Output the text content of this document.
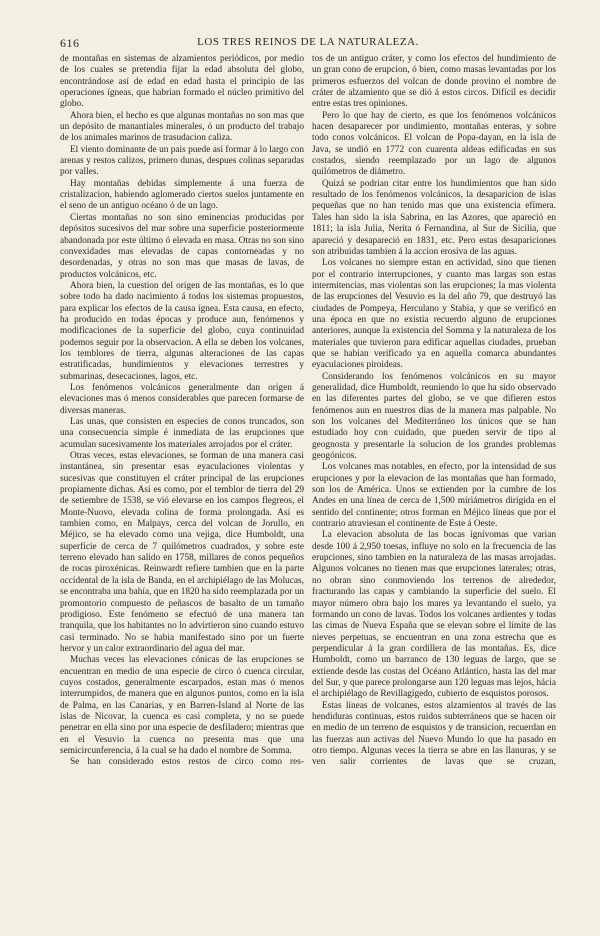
616	LOS TRES REINOS DE LA NATURALEZA.

de montañas en sistemas de alzamientos periódicos, por medio de los cuales se pretendia fijar la edad absoluta del globo, encontrándose así de edad en edad hasta el principio de las operaciones ígneas, que habrian formado el núcleo primitivo del globo.

Ahora bien, el hecho es que algunas montañas no son mas que un depósito de manantiales minerales, ó un producto del trabajo de los animales marinos de trasudacion caliza.

El viento dominante de un pais puede así formar á lo largo con arenas y restos calizos, primero dunas, despues colinas separadas por valles.

Hay montañas debidas simplemente á una fuerza de cristalizacion, habiendo aglomerado ciertos suelos juntamente en el seno de un antiguo océano ó de un lago.

Ciertas montañas no son sino eminencias producidas por depósitos sucesivos del mar sobre una superficie posteriormente abandonada por este último ó elevada en masa. Otras no son sino convexidades mas elevadas de capas contorneadas y no desordenadas, y otras no son mas que masas de lavas, de productos volcánicos, etc.

Ahora bien, la cuestion del origen de las montañas, es lo que sobre todo ha dado nacimiento á todos los sistemas propuestos, para explicar los efectos de la causa ígnea. Esta causa, en efecto, ha producido en todas épocas y produce aun, fenómenos y modificaciones de la superficie del globo, cuya continuidad podemos seguir por la observacion. A ella se deben los volcanes, los temblores de tierra, algunas alteraciones de las capas estratificadas, hundimientos y elevaciones terrestres y submarinas, desecaciones, lagos, etc.

Los fenómenos volcánicos generalmente dan origen á elevaciones mas ó menos considerables que parecen formarse de diversas maneras.

Las unas, que consisten en especies de conos truncados, son una consecuencia simple é inmediata de las erupciones que acumulan sucesivamente los materiales arrojados por el cráter.

Otras veces, estas elevaciones, se forman de una manera casi instantánea, sin presentar esas eyaculaciones violentas y sucesivas que constituyen el cráter principal de las erupciones propiamente dichas. Así es como, por el temblor de tierra del 29 de setiembre de 1538, se vió elevarse en los campos flegreos, el Monte-Nuovo, elevada colina de forma prolongada. Así es tambien como, en Malpays, cerca del volcan de Jorullo, en Méjico, se ha elevado como una vejiga, dice Humboldt, una superficie de cerca de 7 quilómetros cuadrados, y sobre este terreno elevado han salido en 1758, millares de conos pequeños de rocas piroxénicas. Reinwardt refiere tambien que en la parte occidental de la isla de Banda, en el archipiélago de las Molucas, se encontraba una bahía, que en 1820 ha sido reemplazada por un promontorio compuesto de peñascos de basalto de un tamaño prodigioso. Este fenómeno se efectuó de una manera tan tranquila, que los habitantes no lo advirtieron sino cuando estuvo casi terminado. No se habia manifestado sino por un fuerte hervor y un calor extraordinario del agua del mar.

Muchas veces las elevaciones cónicas de las erupciones se encuentran en medio de una especie de circo ó cuenca circular, cuyos costados, generalmente escarpados, estan mas ó menos interrumpidos, de manera que en algunos puntos, como en la isla de Palma, en las Canarias, y en Barren-Island al Norte de las islas de Nicovar, la cuenca es casi completa, y no se puede penetrar en ella sino por una especie de desfiladero; mientras que en el Vesuvio la cuenca no presenta mas que una semicircunferencia, á la cual se ha dado el nombre de Somma.

Se han considerado estos restos de circo como res-

tos de un antiguo cráter, y como los efectos del hundimiento de un gran cono de erupcion, ó bien, como masas levantadas por los primeros esfuerzos del volcan de donde provino el nombre de cráter de alzamiento que se dió á estos circos. Difícil es decidir entre estas tres opiniones.

Pero lo que hay de cierto, es que los fenómenos volcánicos hacen desaparecer por undimiento, montañas enteras, y sobre todo conos volcánicos. El volcan de Popa-dayan, en la isla de Java, se undió en 1772 con cuarenta aldeas edificadas en sus costados, siendo reemplazado por un lago de algunos quilómetros de diámetro.

Quizá se podrian citar entre los hundimientos que han sido resultado de los fenómenos volcánicos, la desaparicion de islas pequeñas que no han tenido mas que una existencia efímera. Tales han sido la isla Sabrina, en las Azores, que apareció en 1811; la isla Julia, Nerita ó Fernandina, al Sur de Sicilia, que apareció y desapareció en 1831, etc. Pero estas desapariciones son atribuidas tambien á la accion erosiva de las aguas.

Los volcanes no siempre estan en actividad, sino que tienen por el contrario interrupciones, y cuanto mas largas son estas intermitencias, mas violentas son las erupciones; la mas violenta de las erupciones del Vesuvio es la del año 79, que destruyó las ciudades de Pompeya, Herculano y Stabia, y que se verificó en una época en que no existia recuerdo alguno de erupciones anteriores, aunque la existencia del Somma y la naturaleza de los materiales que tuvieron para edificar aquellas ciudades, prueban que se habian verificado ya en aquella comarca abundantes eyaculaciones piroideas.

Considerando los fenómenos volcánicos en su mayor generalidad, dice Humboldt, reuniendo lo que ha sido observado en las diferentes partes del globo, se ve que difieren estos fenómenos aun en nuestros dias de la manera mas palpable. No son los volcanes del Mediterráneo los únicos que se han estudiado hoy con cuidado, que pueden servir de tipo al geognosta y presentarle la solucion de los grandes problemas geogónicos.

Los volcanes mas notables, en efecto, por la intensidad de sus erupciones y por la elevacion de las montañas que han formado, son los de América. Unos se extienden por la cumbre de los Andes en una línea de cerca de 1,500 miriámetros dirigida en el sentido del continente; otros forman en Méjico líneas que por el contrario atraviesan el continente de Este á Oeste.

La elevacion absoluta de las bocas ignívomas que varian desde 100 á 2,950 toesas, influye no solo en la frecuencia de las erupciones, sino tambien en la naturaleza de las masas arrojadas. Algunos volcanes no tienen mas que erupciones laterales; otras, no obran sino conmoviendo los terrenos de alrededor, fracturando las capas y cambiando la superficie del suelo. El mayor número obra bajo los mares ya levantando el suelo, ya formando un cono de lavas. Todos los volcanes ardientes y todas las cimas de Nueva España que se elevan sobre el límite de las nieves perpetuas, se encuentran en una zona estrecha que es perpendicular á la gran cordillera de las montañas. Es, dice Humboldt, como un barranco de 130 leguas de largo, que se extiende desde las costas del Océano Atlántico, hasta las del mar del Sur, y que parece prolongarse aun 120 leguas mas lejos, hácia el archipiélago de Revillagigedo, cubierto de esquistos porosos.

Estas líneas de volcanes, estos alzamientos al través de las hendiduras continuas, estos ruidos subterráneos que se hacen oir en medio de un terreno de esquistos y de transicion, recuerdan en las fuerzas aun activas del Nuevo Mundo lo que ha pasado en otro tiempo. Algunas veces la tierra se abre en las llanuras, y se ven salir corrientes de lavas que se cruzan,
